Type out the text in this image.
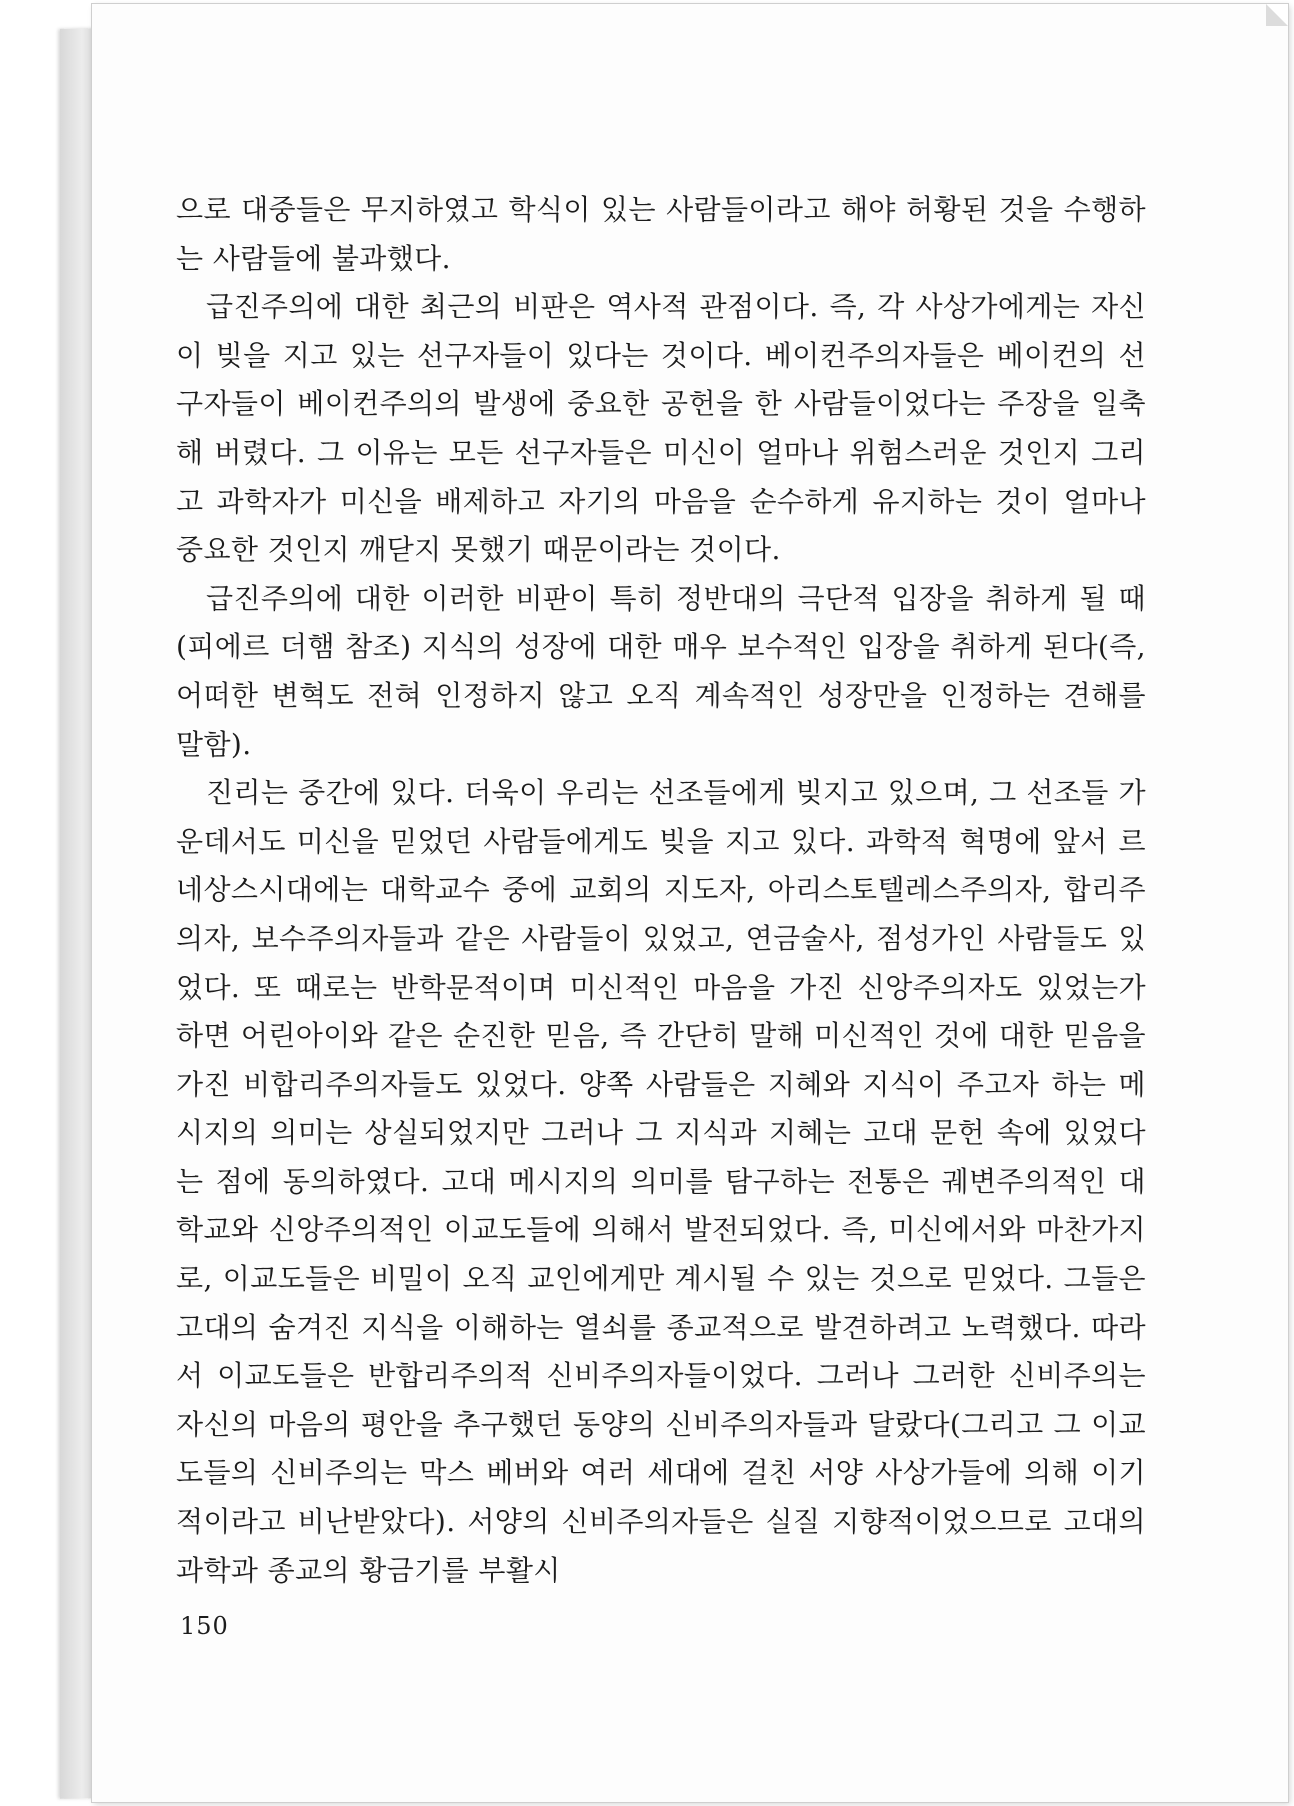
으로 대중들은 무지하였고 학식이 있는 사람들이라고 해야 허황된 것을 수행하는 사람들에 불과했다.

급진주의에 대한 최근의 비판은 역사적 관점이다. 즉, 각 사상가에게는 자신이 빚을 지고 있는 선구자들이 있다는 것이다. 베이컨주의자들은 베이컨의 선구자들이 베이컨주의의 발생에 중요한 공헌을 한 사람들이었다는 주장을 일축해 버렸다. 그 이유는 모든 선구자들은 미신이 얼마나 위험스러운 것인지 그리고 과학자가 미신을 배제하고 자기의 마음을 순수하게 유지하는 것이 얼마나 중요한 것인지 깨닫지 못했기 때문이라는 것이다.

급진주의에 대한 이러한 비판이 특히 정반대의 극단적 입장을 취하게 될 때(피에르 더햄 참조) 지식의 성장에 대한 매우 보수적인 입장을 취하게 된다(즉, 어떠한 변혁도 전혀 인정하지 않고 오직 계속적인 성장만을 인정하는 견해를 말함).

진리는 중간에 있다. 더욱이 우리는 선조들에게 빚지고 있으며, 그 선조들 가운데서도 미신을 믿었던 사람들에게도 빚을 지고 있다. 과학적 혁명에 앞서 르네상스시대에는 대학교수 중에 교회의 지도자, 아리스토텔레스주의자, 합리주의자, 보수주의자들과 같은 사람들이 있었고, 연금술사, 점성가인 사람들도 있었다. 또 때로는 반학문적이며 미신적인 마음을 가진 신앙주의자도 있었는가 하면 어린아이와 같은 순진한 믿음, 즉 간단히 말해 미신적인 것에 대한 믿음을 가진 비합리주의자들도 있었다. 양쪽 사람들은 지혜와 지식이 주고자 하는 메시지의 의미는 상실되었지만 그러나 그 지식과 지혜는 고대 문헌 속에 있었다는 점에 동의하였다. 고대 메시지의 의미를 탐구하는 전통은 궤변주의적인 대학교와 신앙주의적인 이교도들에 의해서 발전되었다. 즉, 미신에서와 마찬가지로, 이교도들은 비밀이 오직 교인에게만 계시될 수 있는 것으로 믿었다. 그들은 고대의 숨겨진 지식을 이해하는 열쇠를 종교적으로 발견하려고 노력했다. 따라서 이교도들은 반합리주의적 신비주의자들이었다. 그러나 그러한 신비주의는 자신의 마음의 평안을 추구했던 동양의 신비주의자들과 달랐다(그리고 그 이교도들의 신비주의는 막스 베버와 여러 세대에 걸친 서양 사상가들에 의해 이기적이라고 비난받았다). 서양의 신비주의자들은 실질 지향적이었으므로 고대의 과학과 종교의 황금기를 부활시

150
